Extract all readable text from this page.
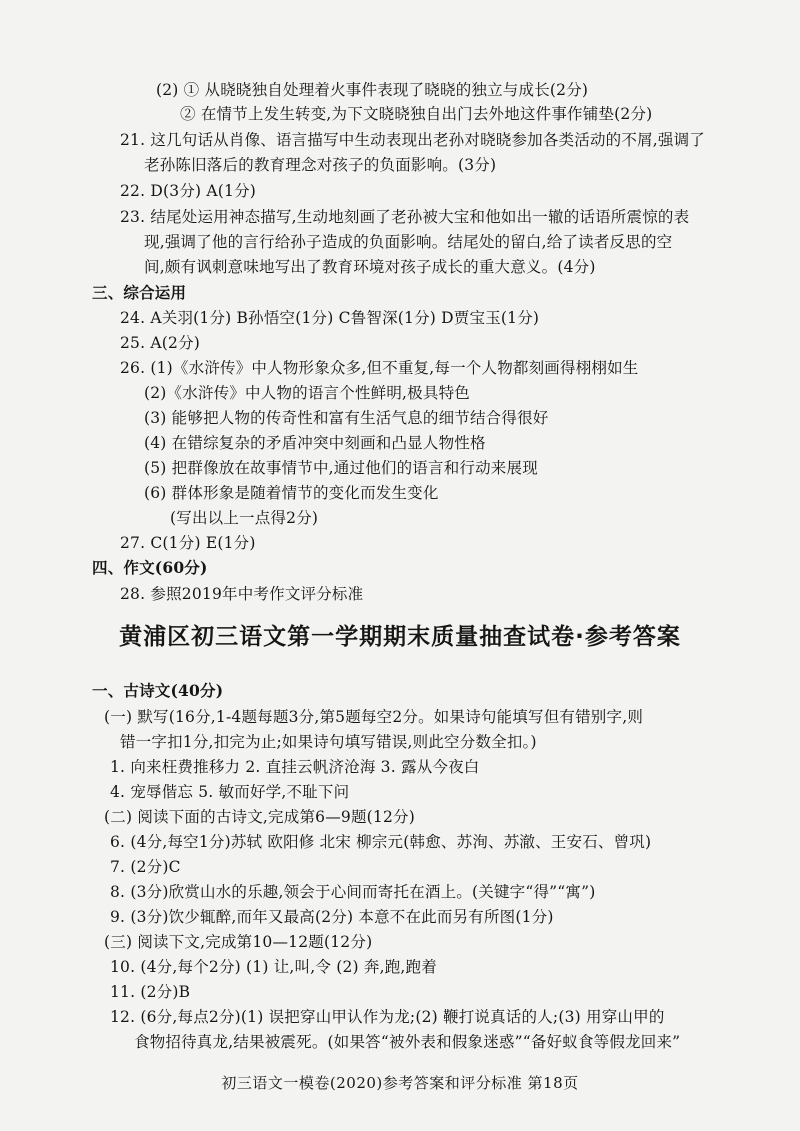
(2) ① 从晓晓独自处理着火事件表现了晓晓的独立与成长(2分)
② 在情节上发生转变,为下文晓晓独自出门去外地这件事作铺垫(2分)
21. 这几句话从肖像、语言描写中生动表现出老孙对晓晓参加各类活动的不屑,强调了
老孙陈旧落后的教育理念对孩子的负面影响。(3分)
22. D(3分) A(1分)
23. 结尾处运用神态描写,生动地刻画了老孙被大宝和他如出一辙的话语所震惊的表
现,强调了他的言行给孙子造成的负面影响。结尾处的留白,给了读者反思的空
间,颇有讽刺意味地写出了教育环境对孩子成长的重大意义。(4分)
三、综合运用
24. A关羽(1分) B孙悟空(1分) C鲁智深(1分) D贾宝玉(1分)
25. A(2分)
26. (1)《水浒传》中人物形象众多,但不重复,每一个人物都刻画得栩栩如生
(2)《水浒传》中人物的语言个性鲜明,极具特色
(3) 能够把人物的传奇性和富有生活气息的细节结合得很好
(4) 在错综复杂的矛盾冲突中刻画和凸显人物性格
(5) 把群像放在故事情节中,通过他们的语言和行动来展现
(6) 群体形象是随着情节的变化而发生变化
(写出以上一点得2分)
27. C(1分) E(1分)
四、作文(60分)
28. 参照2019年中考作文评分标准
黄浦区初三语文第一学期期末质量抽查试卷·参考答案
一、古诗文(40分)
(一) 默写(16分,1-4题每题3分,第5题每空2分。如果诗句能填写但有错别字,则
错一字扣1分,扣完为止;如果诗句填写错误,则此空分数全扣。)
1. 向来枉费推移力 2. 直挂云帆济沧海 3. 露从今夜白
4. 宠辱偕忘 5. 敏而好学,不耻下问
(二) 阅读下面的古诗文,完成第6—9题(12分)
6. (4分,每空1分)苏轼 欧阳修 北宋 柳宗元(韩愈、苏洵、苏澈、王安石、曾巩)
7. (2分)C
8. (3分)欣赏山水的乐趣,领会于心间而寄托在酒上。(关键字“得”“寓”)
9. (3分)饮少辄醉,而年又最高(2分) 本意不在此而另有所图(1分)
(三) 阅读下文,完成第10—12题(12分)
10. (4分,每个2分) (1) 让,叫,令 (2) 奔,跑,跑着
11. (2分)B
12. (6分,每点2分)(1) 误把穿山甲认作为龙;(2) 鞭打说真话的人;(3) 用穿山甲的
食物招待真龙,结果被震死。(如果答“被外表和假象迷惑”“备好蚁食等假龙回来”
初三语文一模卷(2020)参考答案和评分标准 第18页
